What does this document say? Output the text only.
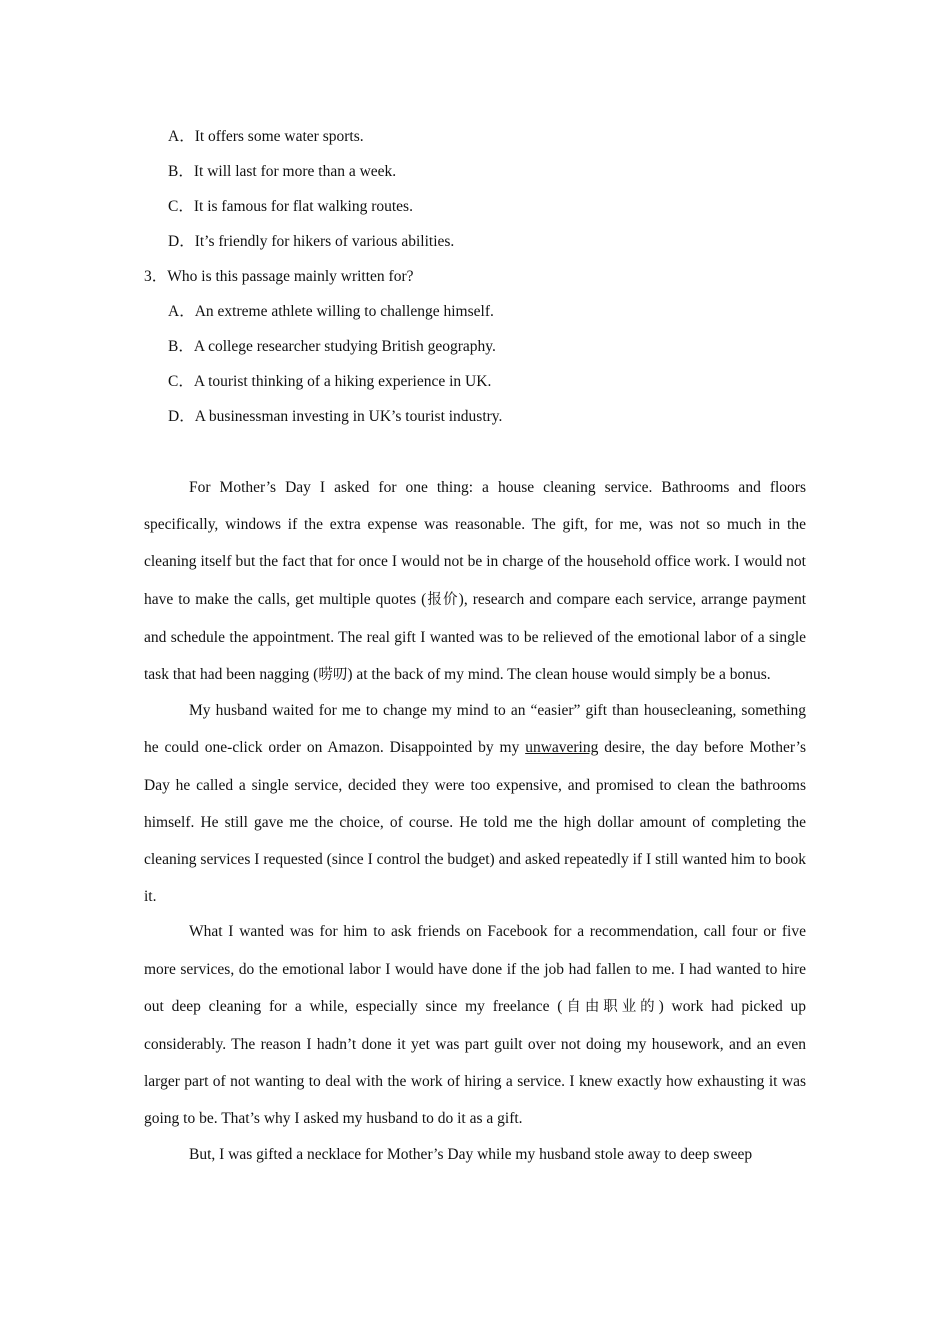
A．It offers some water sports.
B．It will last for more than a week.
C．It is famous for flat walking routes.
D．It’s friendly for hikers of various abilities.
3．Who is this passage mainly written for?
A．An extreme athlete willing to challenge himself.
B．A college researcher studying British geography.
C．A tourist thinking of a hiking experience in UK.
D．A businessman investing in UK’s tourist industry.

For Mother’s Day I asked for one thing: a house cleaning service. Bathrooms and floors specifically, windows if the extra expense was reasonable. The gift, for me, was not so much in the cleaning itself but the fact that for once I would not be in charge of the household office work. I would not have to make the calls, get multiple quotes (报价), research and compare each service, arrange payment and schedule the appointment. The real gift I wanted was to be relieved of the emotional labor of a single task that had been nagging (唠叨) at the back of my mind. The clean house would simply be a bonus.

My husband waited for me to change my mind to an “easier” gift than housecleaning, something he could one-click order on Amazon. Disappointed by my unwavering desire, the day before Mother’s Day he called a single service, decided they were too expensive, and promised to clean the bathrooms himself. He still gave me the choice, of course. He told me the high dollar amount of completing the cleaning services I requested (since I control the budget) and asked repeatedly if I still wanted him to book it.

What I wanted was for him to ask friends on Facebook for a recommendation, call four or five more services, do the emotional labor I would have done if the job had fallen to me. I had wanted to hire out deep cleaning for a while, especially since my freelance (自由职业的) work had picked up considerably. The reason I hadn’t done it yet was part guilt over not doing my housework, and an even larger part of not wanting to deal with the work of hiring a service. I knew exactly how exhausting it was going to be. That’s why I asked my husband to do it as a gift.

But, I was gifted a necklace for Mother’s Day while my husband stole away to deep sweep
